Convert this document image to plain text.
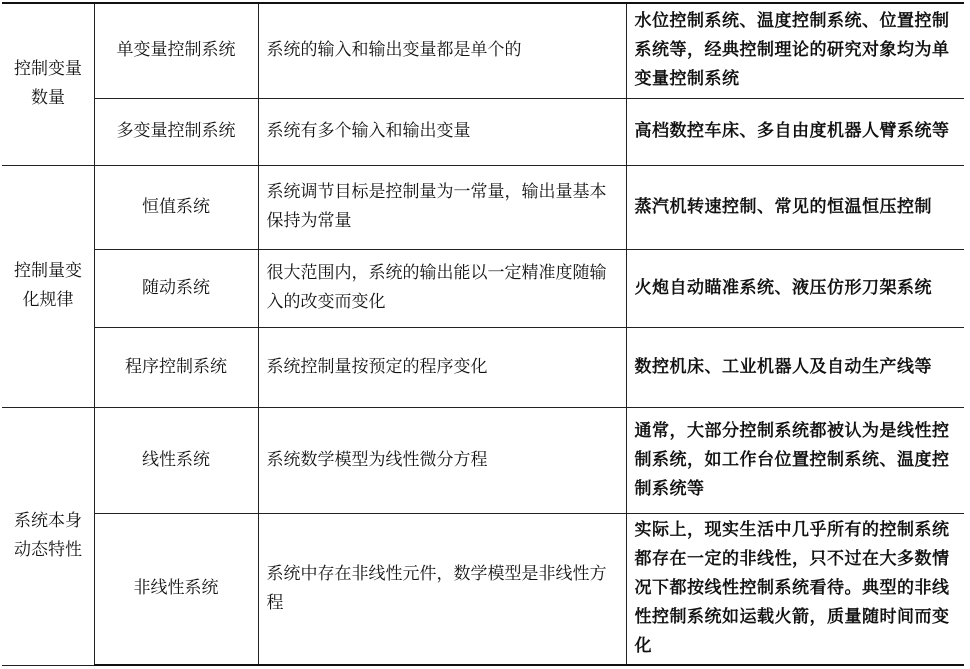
控制变量数量	单变量控制系统	系统的输入和输出变量都是单个的	水位控制系统、温度控制系统、位置控制系统等，经典控制理论的研究对象均为单变量控制系统
	多变量控制系统	系统有多个输入和输出变量	高档数控车床、多自由度机器人臂系统等
控制量变化规律	恒值系统	系统调节目标是控制量为一常量，输出量基本保持为常量	蒸汽机转速控制、常见的恒温恒压控制
	随动系统	很大范围内，系统的输出能以一定精准度随输入的改变而变化	火炮自动瞄准系统、液压仿形刀架系统
	程序控制系统	系统控制量按预定的程序变化	数控机床、工业机器人及自动生产线等
系统本身动态特性	线性系统	系统数学模型为线性微分方程	通常，大部分控制系统都被认为是线性控制系统，如工作台位置控制系统、温度控制系统等
	非线性系统	系统中存在非线性元件，数学模型是非线性方程	实际上，现实生活中几乎所有的控制系统都存在一定的非线性，只不过在大多数情况下都按线性控制系统看待。典型的非线性控制系统如运载火箭，质量随时间而变化
